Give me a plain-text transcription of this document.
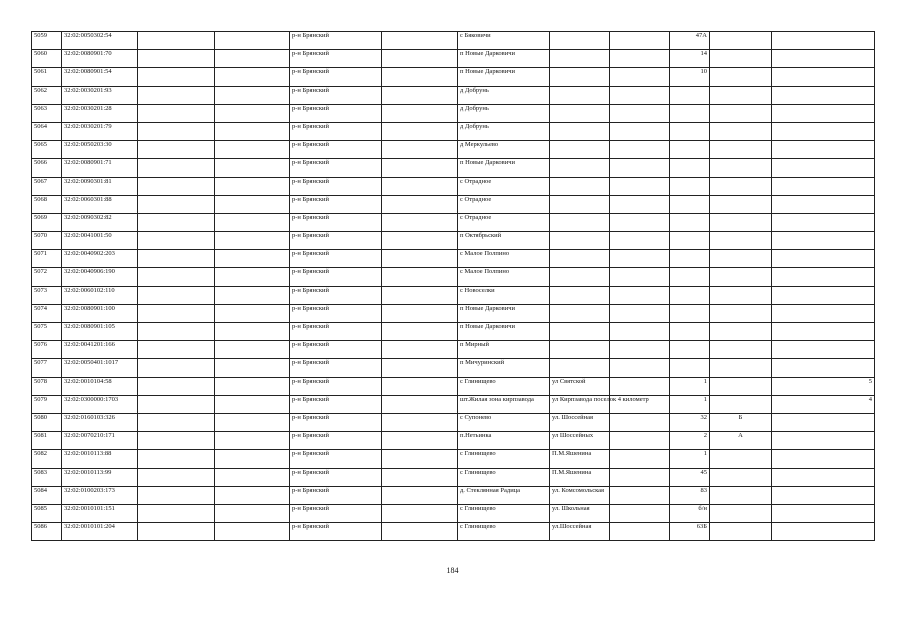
5059	32:02:0050302:54			р-н Брянский		с Бяковичи			47А		
5060	32:02:0080901:70			р-н Брянский		п Новые Дарковичи			14		
5061	32:02:0080901:54			р-н Брянский		п Новые Дарковичи			10		
5062	32:02:0030201:93			р-н Брянский		д Добрунь					
5063	32:02:0030201:28			р-н Брянский		д Добрунь					
5064	32:02:0030201:79			р-н Брянский		д Добрунь					
5065	32:02:0050203:30			р-н Брянский		д Меркульево					
5066	32:02:0080901:71			р-н Брянский		п Новые Дарковичи					
5067	32:02:0090301:81			р-н Брянский		с Отрадное					
5068	32:02:0060301:88			р-н Брянский		с Отрадное					
5069	32:02:0090302:82			р-н Брянский		с Отрадное					
5070	32:02:0041001:50			р-н Брянский		п Октябрьский					
5071	32:02:0040902:203			р-н Брянский		с Малое Полпино					
5072	32:02:0040906:190			р-н Брянский		с Малое Полпино					
5073	32:02:0060102:110			р-н Брянский		с Новоселки					
5074	32:02:0080901:100			р-н Брянский		п Новые Дарковичи					
5075	32:02:0080901:105			р-н Брянский		п Новые Дарковичи					
5076	32:02:0041201:166			р-н Брянский		п Мирный					
5077	32:02:0050401:1017			р-н Брянский		п Мичуринский					
5078	32:02:0010104:58			р-н Брянский		с Глинищево	ул Святской		1		5
5079	32:02:0300000:1703			р-н Брянский		шт.Жилая зона кирпзавода	ул Кирпзавода поселок 4 километр		1		4
5080	32:02:0160103:326			р-н Брянский		с Супонево	ул. Шоссейная		32	Б	
5081	32:02:0070210:171			р-н Брянский		п.Нетьинка	ул Шоссейных		2	А	
5082	32:02:0010113:88			р-н Брянский		с Глинищево	П.М.Яшенина		1		
5083	32:02:0010113:99			р-н Брянский		с Глинищево	П.М.Яшенина		45		
5084	32:02:0100203:173			р-н Брянский		д. Стеклянная Радица	ул. Комсомольская		83		
5085	32:02:0010101:151			р-н Брянский		с Глинищево	ул. Школьная		б/н		
5086	32:02:0010101:204			р-н Брянский		с Глинищево	ул.Шоссейная		63Б		
184
